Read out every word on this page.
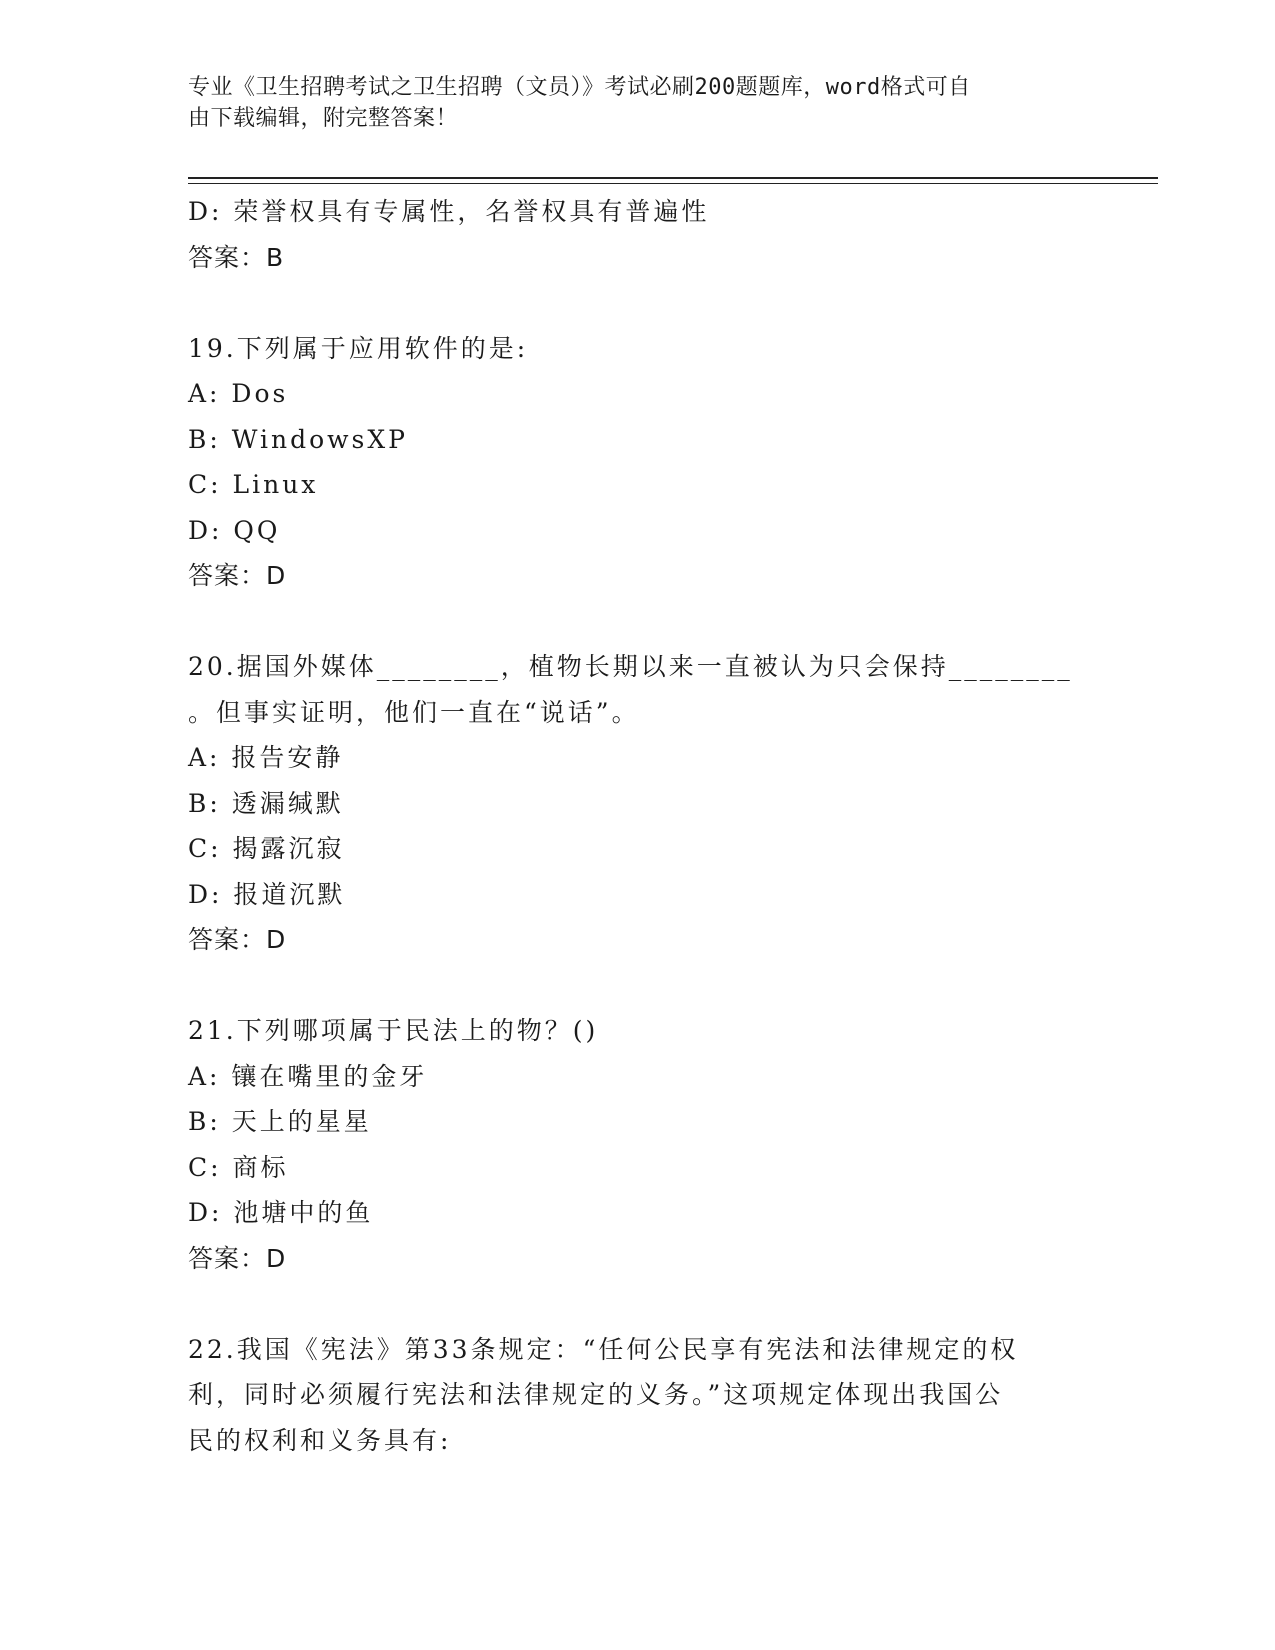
专业《卫生招聘考试之卫生招聘（文员）》考试必刷200题题库，word格式可自
由下载编辑，附完整答案！
D: 荣誉权具有专属性，名誉权具有普遍性
答案：B
19.下列属于应用软件的是:
A: Dos
B: WindowsXP
C: Linux
D: QQ
答案：D
20.据国外媒体________，植物长期以来一直被认为只会保持________
。但事实证明，他们一直在“说话”。
A: 报告安静
B: 透漏缄默
C: 揭露沉寂
D: 报道沉默
答案：D
21.下列哪项属于民法上的物？()
A: 镶在嘴里的金牙
B: 天上的星星
C: 商标
D: 池塘中的鱼
答案：D
22.我国《宪法》第33条规定：“任何公民享有宪法和法律规定的权
利，同时必须履行宪法和法律规定的义务。”这项规定体现出我国公
民的权利和义务具有:
